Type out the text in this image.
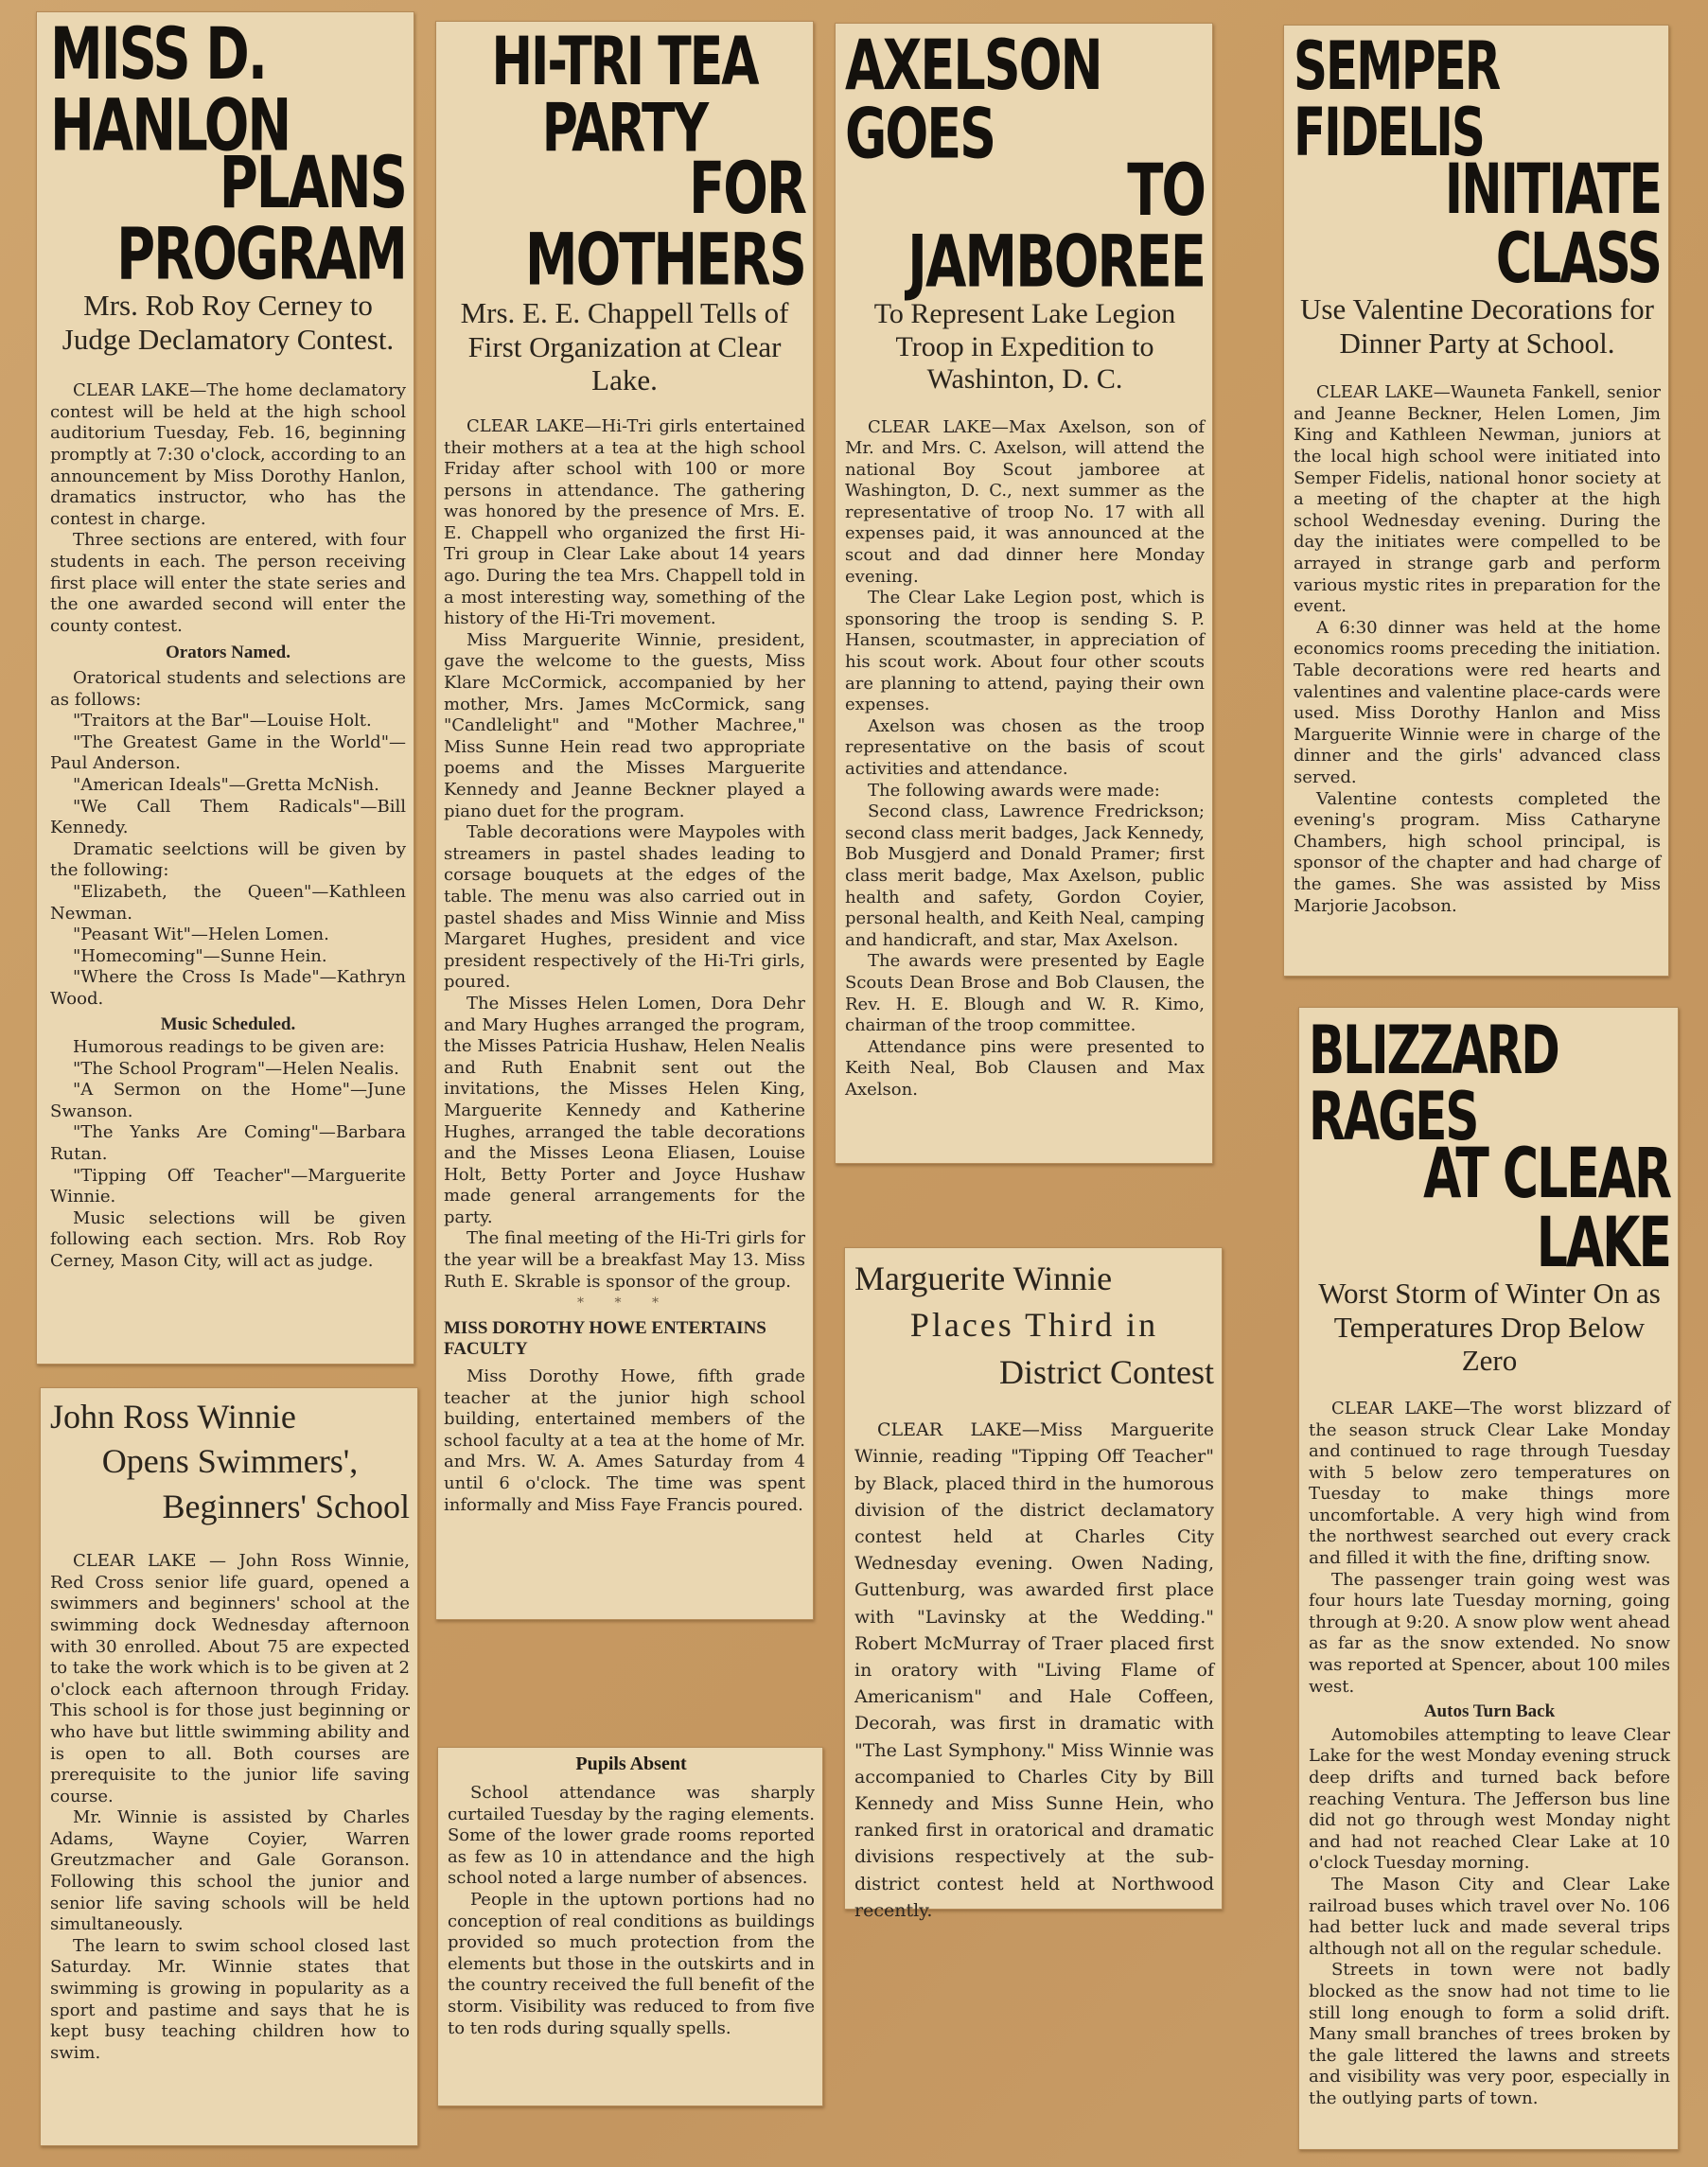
MISS D. HANLON
PLANS PROGRAM
Mrs. Rob Roy Cerney to Judge Declamatory Contest.

CLEAR LAKE—The home declamatory contest will be held at the high school auditorium Tuesday, Feb. 16, beginning promptly at 7:30 o'clock, according to an announcement by Miss Dorothy Hanlon, dramatics instructor, who has the contest in charge.

Three sections are entered, with four students in each. The person receiving first place will enter the state series and the one awarded second will enter the county contest.

Orators Named.

Oratorical students and selections are as follows:

"Traitors at the Bar"—Louise Holt.

"The Greatest Game in the World"—Paul Anderson.

"American Ideals"—Gretta McNish.

"We Call Them Radicals"—Bill Kennedy.

Dramatic seelctions will be given by the following:

"Elizabeth, the Queen"—Kathleen Newman.

"Peasant Wit"—Helen Lomen.

"Homecoming"—Sunne Hein.

"Where the Cross Is Made"—Kathryn Wood.

Music Scheduled.

Humorous readings to be given are:

"The School Program"—Helen Nealis.

"A Sermon on the Home"—June Swanson.

"The Yanks Are Coming"—Barbara Rutan.

"Tipping Off Teacher"—Marguerite Winnie.

Music selections will be given following each section. Mrs. Rob Roy Cerney, Mason City, will act as judge.

John Ross Winnie
Opens Swimmers',
Beginners' School

CLEAR LAKE — John Ross Winnie, Red Cross senior life guard, opened a swimmers and beginners' school at the swimming dock Wednesday afternoon with 30 enrolled. About 75 are expected to take the work which is to be given at 2 o'clock each afternoon through Friday. This school is for those just beginning or who have but little swimming ability and is open to all. Both courses are prerequisite to the junior life saving course.

Mr. Winnie is assisted by Charles Adams, Wayne Coyier, Warren Greutzmacher and Gale Goranson. Following this school the junior and senior life saving schools will be held simultaneously.

The learn to swim school closed last Saturday. Mr. Winnie states that swimming is growing in popularity as a sport and pastime and says that he is kept busy teaching children how to swim.

HI-TRI TEA PARTY
FOR MOTHERS
Mrs. E. E. Chappell Tells of First Organization at Clear Lake.

CLEAR LAKE—Hi-Tri girls entertained their mothers at a tea at the high school Friday after school with 100 or more persons in attendance. The gathering was honored by the presence of Mrs. E. E. Chappell who organized the first Hi-Tri group in Clear Lake about 14 years ago. During the tea Mrs. Chappell told in a most interesting way, something of the history of the Hi-Tri movement.

Miss Marguerite Winnie, president, gave the welcome to the guests, Miss Klare McCormick, accompanied by her mother, Mrs. James McCormick, sang "Candlelight" and "Mother Machree," Miss Sunne Hein read two appropriate poems and the Misses Marguerite Kennedy and Jeanne Beckner played a piano duet for the program.

Table decorations were Maypoles with streamers in pastel shades leading to corsage bouquets at the edges of the table. The menu was also carried out in pastel shades and Miss Winnie and Miss Margaret Hughes, president and vice president respectively of the Hi-Tri girls, poured.

The Misses Helen Lomen, Dora Dehr and Mary Hughes arranged the program, the Misses Patricia Hushaw, Helen Nealis and Ruth Enabnit sent out the invitations, the Misses Helen King, Marguerite Kennedy and Katherine Hughes, arranged the table decorations and the Misses Leona Eliasen, Louise Holt, Betty Porter and Joyce Hushaw made general arrangements for the party.

The final meeting of the Hi-Tri girls for the year will be a breakfast May 13. Miss Ruth E. Skrable is sponsor of the group.

* * *
MISS DOROTHY HOWE ENTERTAINS FACULTY

Miss Dorothy Howe, fifth grade teacher at the junior high school building, entertained members of the school faculty at a tea at the home of Mr. and Mrs. W. A. Ames Saturday from 4 until 6 o'clock. The time was spent informally and Miss Faye Francis poured.

Pupils Absent

School attendance was sharply curtailed Tuesday by the raging elements. Some of the lower grade rooms reported as few as 10 in attendance and the high school noted a large number of absences.

People in the uptown portions had no conception of real conditions as buildings provided so much protection from the elements but those in the outskirts and in the country received the full benefit of the storm. Visibility was reduced to from five to ten rods during squally spells.

AXELSON GOES
TO JAMBOREE
To Represent Lake Legion Troop in Expedition to Washinton, D. C.

CLEAR LAKE—Max Axelson, son of Mr. and Mrs. C. Axelson, will attend the national Boy Scout jamboree at Washington, D. C., next summer as the representative of troop No. 17 with all expenses paid, it was announced at the scout and dad dinner here Monday evening.

The Clear Lake Legion post, which is sponsoring the troop is sending S. P. Hansen, scoutmaster, in appreciation of his scout work. About four other scouts are planning to attend, paying their own expenses.

Axelson was chosen as the troop representative on the basis of scout activities and attendance.

The following awards were made:

Second class, Lawrence Fredrickson; second class merit badges, Jack Kennedy, Bob Musgjerd and Donald Pramer; first class merit badge, Max Axelson, public health and safety, Gordon Coyier, personal health, and Keith Neal, camping and handicraft, and star, Max Axelson.

The awards were presented by Eagle Scouts Dean Brose and Bob Clausen, the Rev. H. E. Blough and W. R. Kimo, chairman of the troop committee.

Attendance pins were presented to Keith Neal, Bob Clausen and Max Axelson.

Marguerite Winnie
Places Third in
District Contest

CLEAR LAKE—Miss Marguerite Winnie, reading "Tipping Off Teacher" by Black, placed third in the humorous division of the district declamatory contest held at Charles City Wednesday evening. Owen Nading, Guttenburg, was awarded first place with "Lavinsky at the Wedding." Robert McMurray of Traer placed first in oratory with "Living Flame of Americanism" and Hale Coffeen, Decorah, was first in dramatic with "The Last Symphony." Miss Winnie was accompanied to Charles City by Bill Kennedy and Miss Sunne Hein, who ranked first in oratorical and dramatic divisions respectively at the sub-district contest held at Northwood recently.

SEMPER FIDELIS
INITIATE CLASS
Use Valentine Decorations for Dinner Party at School.

CLEAR LAKE—Wauneta Fankell, senior and Jeanne Beckner, Helen Lomen, Jim King and Kathleen Newman, juniors at the local high school were initiated into Semper Fidelis, national honor society at a meeting of the chapter at the high school Wednesday evening. During the day the initiates were compelled to be arrayed in strange garb and perform various mystic rites in preparation for the event.

A 6:30 dinner was held at the home economics rooms preceding the initiation. Table decorations were red hearts and valentines and valentine place-cards were used. Miss Dorothy Hanlon and Miss Marguerite Winnie were in charge of the dinner and the girls' advanced class served.

Valentine contests completed the evening's program. Miss Catharyne Chambers, high school principal, is sponsor of the chapter and had charge of the games. She was assisted by Miss Marjorie Jacobson.

BLIZZARD RAGES
AT CLEAR LAKE
Worst Storm of Winter On as Temperatures Drop Below Zero

CLEAR LAKE—The worst blizzard of the season struck Clear Lake Monday and continued to rage through Tuesday with 5 below zero temperatures on Tuesday to make things more uncomfortable. A very high wind from the northwest searched out every crack and filled it with the fine, drifting snow.

The passenger train going west was four hours late Tuesday morning, going through at 9:20. A snow plow went ahead as far as the snow extended. No snow was reported at Spencer, about 100 miles west.

Autos Turn Back

Automobiles attempting to leave Clear Lake for the west Monday evening struck deep drifts and turned back before reaching Ventura. The Jefferson bus line did not go through west Monday night and had not reached Clear Lake at 10 o'clock Tuesday morning.

The Mason City and Clear Lake railroad buses which travel over No. 106 had better luck and made several trips although not all on the regular schedule.

Streets in town were not badly blocked as the snow had not time to lie still long enough to form a solid drift. Many small branches of trees broken by the gale littered the lawns and streets and visibility was very poor, especially in the outlying parts of town.
